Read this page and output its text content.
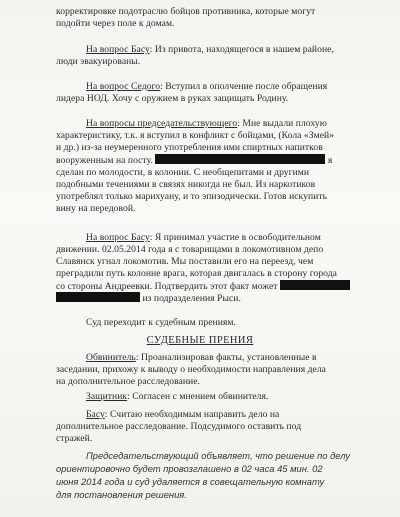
корректировке подотраслю бойцов противника, которые могут

подойти через поле к домам.

На вопрос Басу: Из привота, находящегося в нашем районе,

люди эвакуированы.

На вопрос Седого: Вступил в ополчение после обращения

лидера НОД. Хочу с оружием в руках защищать Родину.

На вопросы председательствующего: Мне выдали плохую

характеристику, т.к. я вступил в конфликт с бойцами, (Кола «Змей»

и др.) из-за неумеренного употребления ими спиртных напитков

вооруженным на посту.	я

сделан по молодости, в колонии. С необщепитами и другими

подобными течениями в связях никогда не был. Из наркотиков

употреблял только марихуану, и то эпизодически. Готов искупить

вину на передовой.

На вопрос Басу: Я принимал участие в освободительном

движении. 02.05.2014 года я с товарищами в локомотивном депо

Славянск угнал локомотив. Мы поставили его на переезд, чем

преградили путь колонне врага, которая двигалась в сторону города

со стороны Андреевки. Подтвердить этот факт может

из подразделения Рыси.

Суд переходит к судебным прениям.

СУДЕБНЫЕ ПРЕНИЯ

Обвинитель: Проанализировав факты, установленные в

заседании, прихожу к выводу о необходимости направления дела

на дополнительное расследование.

Защитник: Согласен с мнением обвинителя.

Басу: Считаю необходимым направить дело на

дополнительное расследование. Подсудимого оставить под

стражей.

Председательствующий объявляет, что решение по делу

ориентировочно будет провозглашено в 02 часа 45 мин. 02

июня 2014 года и суд удаляется в совещательную комнату

для постановления решения.
